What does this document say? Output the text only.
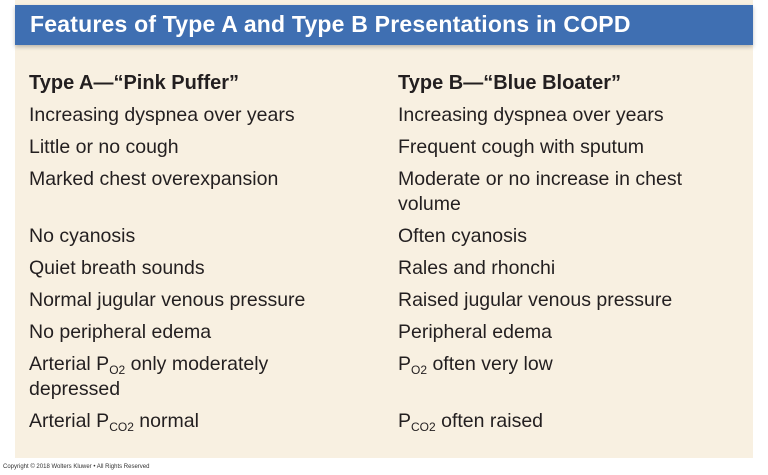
Features of Type A and Type B Presentations in COPD
Type A—“Pink Puffer”
Increasing dyspnea over years
Little or no cough
Marked chest overexpansion
No cyanosis
Quiet breath sounds
Normal jugular venous pressure
No peripheral edema
Arterial $P_{O2}$ only moderately
depressed
Arterial $P_{CO2}$ normal
Type B—“Blue Bloater”
Increasing dyspnea over years
Frequent cough with sputum
Moderate or no increase in chest
volume
Often cyanosis
Rales and rhonchi
Raised jugular venous pressure
Peripheral edema
$P_{O2}$ often very low
$P_{CO2}$ often raised
Copyright © 2018 Wolters Kluwer • All Rights Reserved
